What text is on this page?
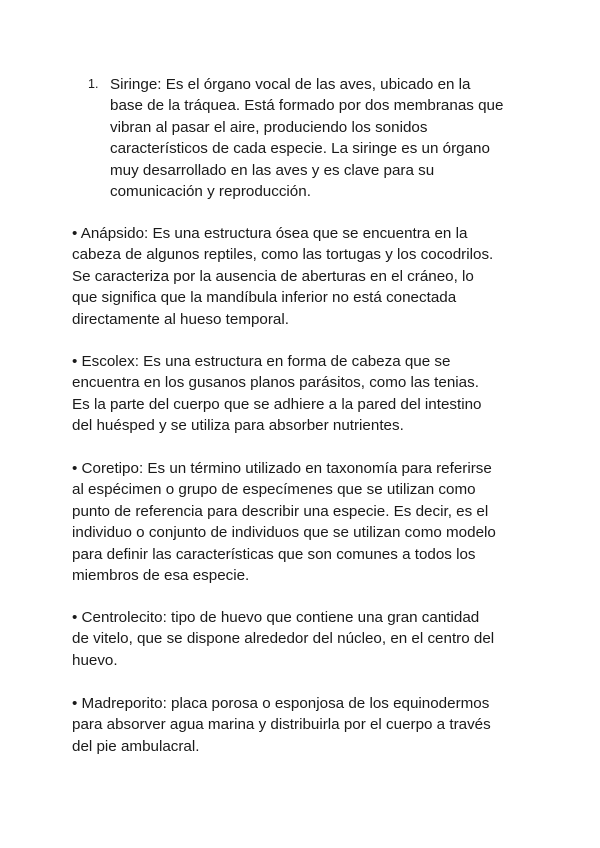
1. Siringe: Es el órgano vocal de las aves, ubicado en la
base de la tráquea. Está formado por dos membranas que
vibran al pasar el aire, produciendo los sonidos
característicos de cada especie. La siringe es un órgano
muy desarrollado en las aves y es clave para su
comunicación y reproducción.
• Anápsido: Es una estructura ósea que se encuentra en la
cabeza de algunos reptiles, como las tortugas y los cocodrilos.
Se caracteriza por la ausencia de aberturas en el cráneo, lo
que significa que la mandíbula inferior no está conectada
directamente al hueso temporal.
• Escolex: Es una estructura en forma de cabeza que se
encuentra en los gusanos planos parásitos, como las tenias.
Es la parte del cuerpo que se adhiere a la pared del intestino
del huésped y se utiliza para absorber nutrientes.
• Coretipo: Es un término utilizado en taxonomía para referirse
al espécimen o grupo de especímenes que se utilizan como
punto de referencia para describir una especie. Es decir, es el
individuo o conjunto de individuos que se utilizan como modelo
para definir las características que son comunes a todos los
miembros de esa especie.
• Centrolecito: tipo de huevo que contiene una gran cantidad
de vitelo, que se dispone alrededor del núcleo, en el centro del
huevo.
• Madreporito: placa porosa o esponjosa de los equinodermos
para absorver agua marina y distribuirla por el cuerpo a través
del pie ambulacral.
